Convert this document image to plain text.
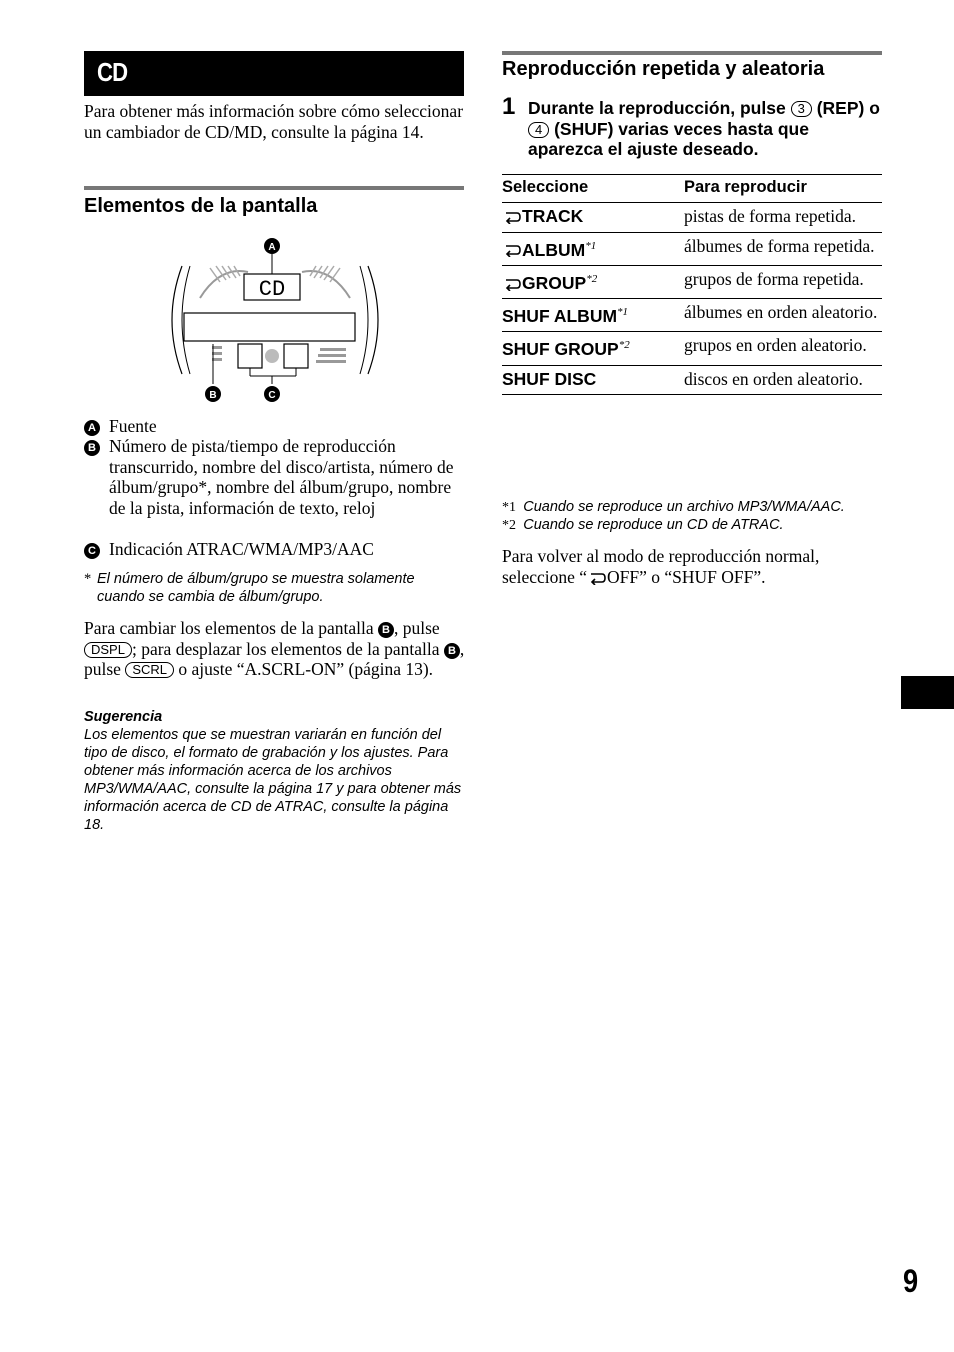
CD
Para obtener más información sobre cómo seleccionar un cambiador de CD/MD, consulte la página 14.
Elementos de la pantalla
CD
A
B	C
A Fuente
B Número de pista/tiempo de reproducción transcurrido, nombre del disco/artista, número de álbum/grupo*, nombre del álbum/grupo, nombre de la pista, información de texto, reloj
C Indicación ATRAC/WMA/MP3/AAC
* El número de álbum/grupo se muestra solamente cuando se cambia de álbum/grupo.
Para cambiar los elementos de la pantalla B , pulse DSPL ; para desplazar los elementos de la pantalla B , pulse SCRL o ajuste “A.SCRL-ON” (página 13).
Sugerencia
Los elementos que se muestran variarán en función del tipo de disco, el formato de grabación y los ajustes. Para obtener más información acerca de los archivos MP3/WMA/AAC, consulte la página 17 y para obtener más información acerca de CD de ATRAC, consulte la página 18.
Reproducción repetida y aleatoria
1 Durante la reproducción, pulse 3 (REP) o 4 (SHUF) varias veces hasta que aparezca el ajuste deseado.
Seleccione	Para reproducir
TRACK	pistas de forma repetida.
ALBUM$^{*1}$	álbumes de forma repetida.
GROUP$^{*2}$	grupos de forma repetida.
SHUF ALBUM$^{*1}$	álbumes en orden aleatorio.
SHUF GROUP$^{*2}$	grupos en orden aleatorio.
SHUF DISC	discos en orden aleatorio.
*1 Cuando se reproduce un archivo MP3/WMA/AAC.
*2 Cuando se reproduce un CD de ATRAC.
Para volver al modo de reproducción normal, seleccione “ OFF” o “SHUF OFF”.
9
